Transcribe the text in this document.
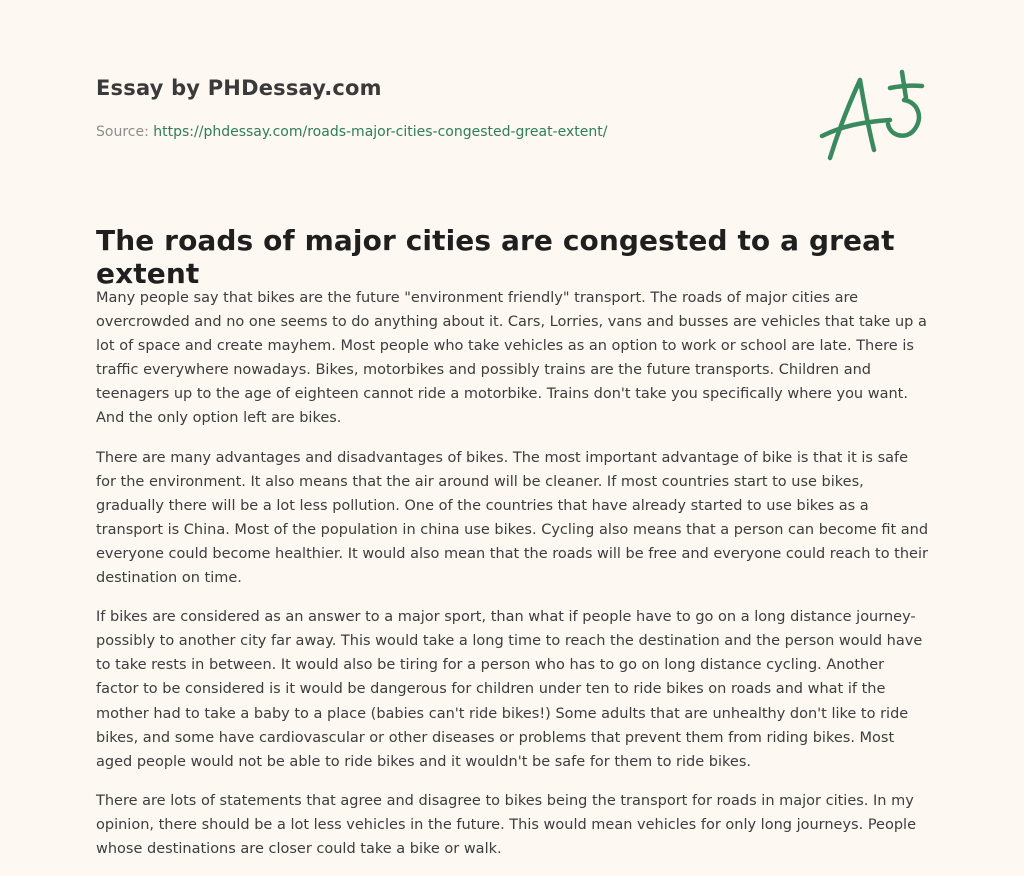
Essay by PHDessay.com
Source: https://phdessay.com/roads-major-cities-congested-great-extent/
The roads of major cities are congested to a great extent

Many people say that bikes are the future "environment friendly" transport. The roads of major cities are overcrowded and no one seems to do anything about it. Cars, Lorries, vans and busses are vehicles that take up a lot of space and create mayhem. Most people who take vehicles as an option to work or school are late. There is traffic everywhere nowadays. Bikes, motorbikes and possibly trains are the future transports. Children and teenagers up to the age of eighteen cannot ride a motorbike. Trains don't take you specifically where you want. And the only option left are bikes.

There are many advantages and disadvantages of bikes. The most important advantage of bike is that it is safe for the environment. It also means that the air around will be cleaner. If most countries start to use bikes, gradually there will be a lot less pollution. One of the countries that have already started to use bikes as a transport is China. Most of the population in china use bikes. Cycling also means that a person can become fit and everyone could become healthier. It would also mean that the roads will be free and everyone could reach to their destination on time.

If bikes are considered as an answer to a major sport, than what if people have to go on a long distance journey- possibly to another city far away. This would take a long time to reach the destination and the person would have to take rests in between. It would also be tiring for a person who has to go on long distance cycling. Another factor to be considered is it would be dangerous for children under ten to ride bikes on roads and what if the mother had to take a baby to a place (babies can't ride bikes!) Some adults that are unhealthy don't like to ride bikes, and some have cardiovascular or other diseases or problems that prevent them from riding bikes. Most aged people would not be able to ride bikes and it wouldn't be safe for them to ride bikes.

There are lots of statements that agree and disagree to bikes being the transport for roads in major cities. In my opinion, there should be a lot less vehicles in the future. This would mean vehicles for only long journeys. People whose destinations are closer could take a bike or walk.
